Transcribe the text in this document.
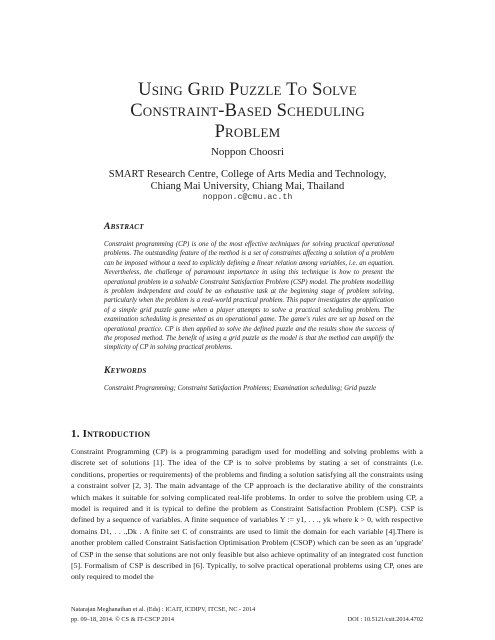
Using Grid Puzzle To Solve
Constraint-Based Scheduling
Problem
Noppon Choosri
SMART Research Centre, College of Arts Media and Technology,
Chiang Mai University, Chiang Mai, Thailand
noppon.c@cmu.ac.th
Abstract
Constraint programming (CP) is one of the most effective techniques for solving practical operational problems. The outstanding feature of the method is a set of constraints affecting a solution of a problem can be imposed without a need to explicitly defining a linear relation among variables, i.e. an equation. Nevertheless, the challenge of paramount importance in using this technique is how to present the operational problem in a solvable Constraint Satisfaction Problem (CSP) model. The problem modelling is problem independent and could be an exhaustive task at the beginning stage of problem solving, particularly when the problem is a real-world practical problem. This paper investigates the application of a simple grid puzzle game when a player attempts to solve a practical scheduling problem. The examination scheduling is presented as an operational game. The game's rules are set up based on the operational practice. CP is then applied to solve the defined puzzle and the results show the success of the proposed method. The benefit of using a grid puzzle as the model is that the method can amplify the simplicity of CP in solving practical problems.
Keywords
Constraint Programming; Constraint Satisfaction Problems; Examination scheduling; Grid puzzle
1. Introduction
Constraint Programming (CP) is a programming paradigm used for modelling and solving problems with a discrete set of solutions [1]. The idea of the CP is to solve problems by stating a set of constraints (i.e. conditions, properties or requirements) of the problems and finding a solution satisfying all the constraints using a constraint solver [2, 3]. The main advantage of the CP approach is the declarative ability of the constraints which makes it suitable for solving complicated real-life problems. In order to solve the problem using CP, a model is required and it is typical to define the problem as Constraint Satisfaction Problem (CSP). CSP is defined by a sequence of variables. A finite sequence of variables Y := y1, . . ., yk where k > 0, with respective domains D1, . . .,Dk . A finite set C of constraints are used to limit the domain for each variable [4].There is another problem called Constraint Satisfaction Optimisation Problem (CSOP) which can be seen as an 'upgrade' of CSP in the sense that solutions are not only feasible but also achieve optimality of an integrated cost function [5]. Formalism of CSP is described in [6]. Typically, to solve practical operational problems using CP, ones are only required to model the
Natarajan Meghanathan et al. (Eds) : ICAIT, ICDIPV, ITCSE, NC - 2014
pp. 09–18, 2014. © CS & IT-CSCP 2014	DOI : 10.5121/csit.2014.4702
